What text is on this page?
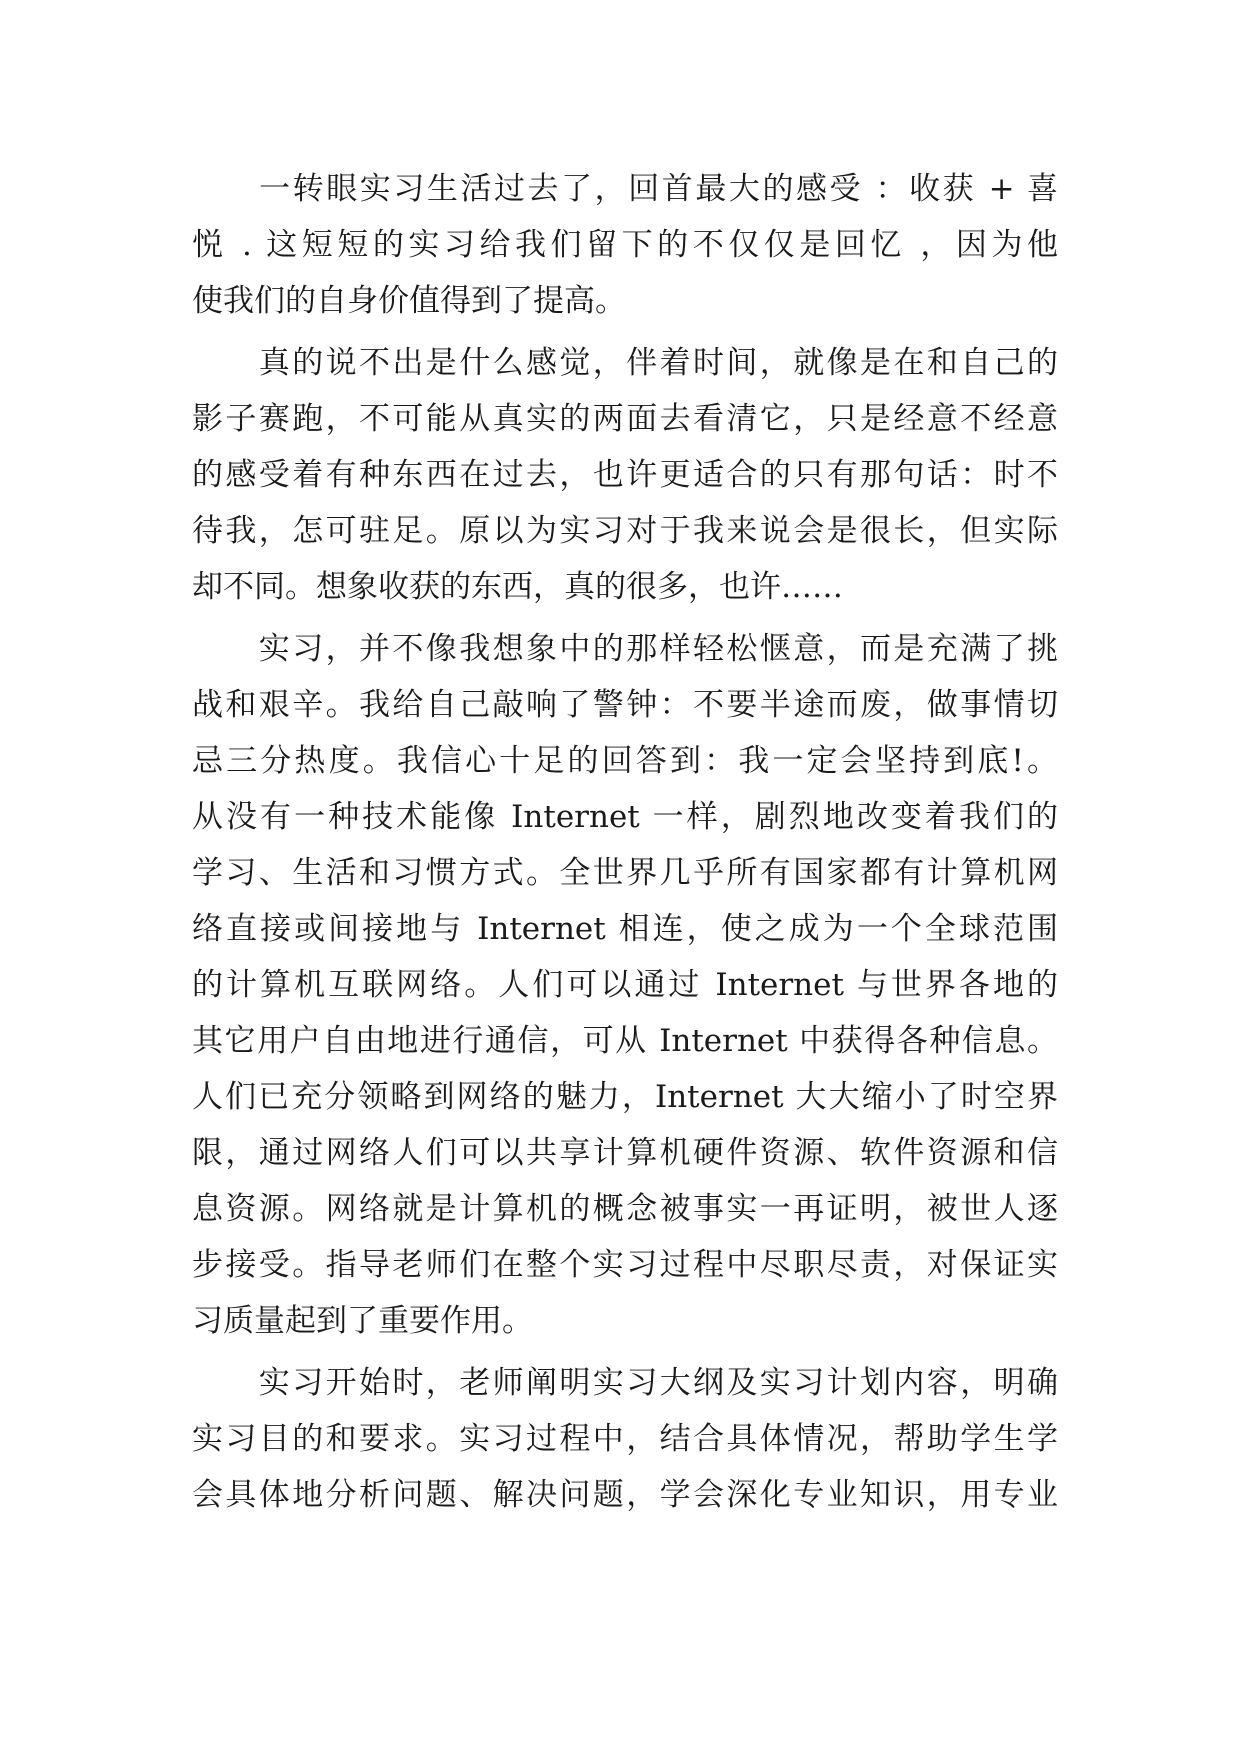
　　一转眼实习生活过去了，回首最大的感受 ：收获 + 喜
悦 . 这短短的实习给我们留下的不仅仅是回忆 ，因为他
使我们的自身价值得到了提高。
　　真的说不出是什么感觉，伴着时间，就像是在和自己的
影子赛跑，不可能从真实的两面去看清它，只是经意不经意
的感受着有种东西在过去，也许更适合的只有那句话：时不
待我，怎可驻足。原以为实习对于我来说会是很长，但实际
却不同。想象收获的东西，真的很多，也许……
　　实习，并不像我想象中的那样轻松惬意，而是充满了挑
战和艰辛。我给自己敲响了警钟：不要半途而废，做事情切
忌三分热度。我信心十足的回答到：我一定会坚持到底!。
从没有一种技术能像 Internet 一样，剧烈地改变着我们的
学习、生活和习惯方式。全世界几乎所有国家都有计算机网
络直接或间接地与 Internet 相连，使之成为一个全球范围
的计算机互联网络。人们可以通过 Internet 与世界各地的
其它用户自由地进行通信，可从 Internet 中获得各种信息。
人们已充分领略到网络的魅力，Internet 大大缩小了时空界
限，通过网络人们可以共享计算机硬件资源、软件资源和信
息资源。网络就是计算机的概念被事实一再证明，被世人逐
步接受。指导老师们在整个实习过程中尽职尽责，对保证实
习质量起到了重要作用。
　　实习开始时，老师阐明实习大纲及实习计划内容，明确
实习目的和要求。实习过程中，结合具体情况，帮助学生学
会具体地分析问题、解决问题，学会深化专业知识，用专业
